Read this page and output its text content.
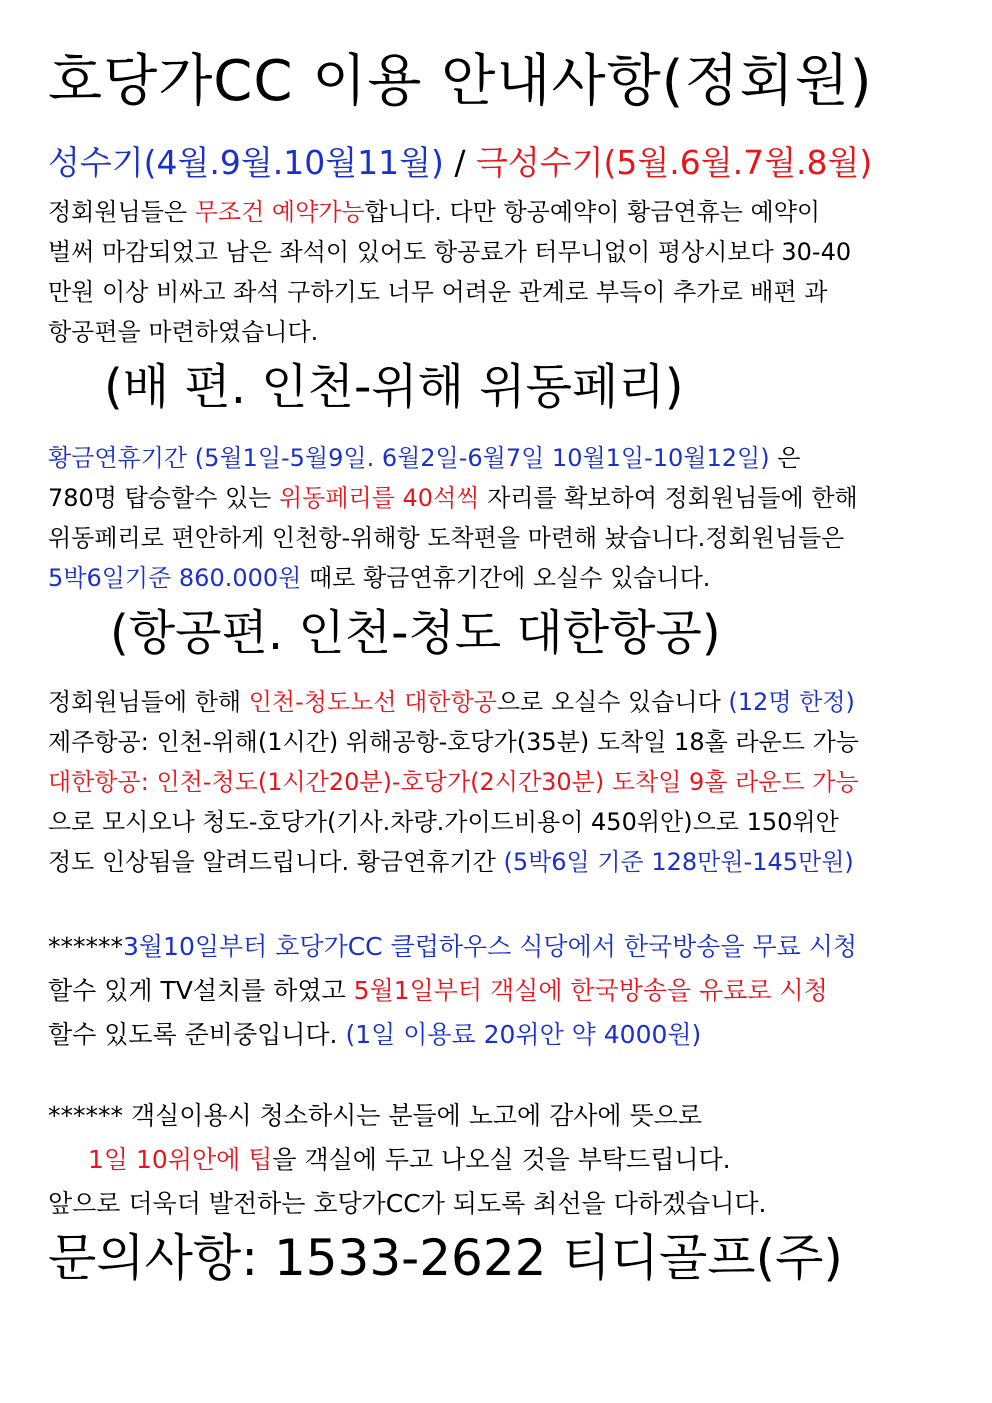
호당가CC 이용 안내사항(정회원)
성수기(4월.9월.10월11월) / 극성수기(5월.6월.7월.8월)
정회원님들은 무조건 예약가능합니다. 다만 항공예약이 황금연휴는 예약이
벌써 마감되었고 남은 좌석이 있어도 항공료가 터무니없이 평상시보다 30-40
만원 이상 비싸고 좌석 구하기도 너무 어려운 관계로 부득이 추가로 배편 과
항공편을 마련하였습니다.
(배 편. 인천-위해 위동페리)
황금연휴기간 (5월1일-5월9일. 6월2일-6월7일 10월1일-10월12일) 은
780명 탑승할수 있는 위동페리를 40석씩 자리를 확보하여 정회원님들에 한해
위동페리로 편안하게 인천항-위해항 도착편을 마련해 놨습니다.정회원님들은
5박6일기준 860.000원 때로 황금연휴기간에 오실수 있습니다.
(항공편. 인천-청도 대한항공)
정회원님들에 한해 인천-청도노선 대한항공으로 오실수 있습니다 (12명 한정)
제주항공: 인천-위해(1시간) 위해공항-호당가(35분) 도착일 18홀 라운드 가능
대한항공: 인천-청도(1시간20분)-호당가(2시간30분) 도착일 9홀 라운드 가능
으로 모시오나 청도-호당가(기사.차량.가이드비용이 450위안)으로 150위안
정도 인상됨을 알려드립니다. 황금연휴기간 (5박6일 기준 128만원-145만원)
******3월10일부터 호당가CC 클럽하우스 식당에서 한국방송을 무료 시청
할수 있게 TV설치를 하였고 5월1일부터 객실에 한국방송을 유료로 시청
할수 있도록 준비중입니다. (1일 이용료 20위안 약 4000원)
****** 객실이용시 청소하시는 분들에 노고에 감사에 뜻으로
1일 10위안에 팁을 객실에 두고 나오실 것을 부탁드립니다.
앞으로 더욱더 발전하는 호당가CC가 되도록 최선을 다하겠습니다.
문의사항: 1533-2622 티디골프(주)
